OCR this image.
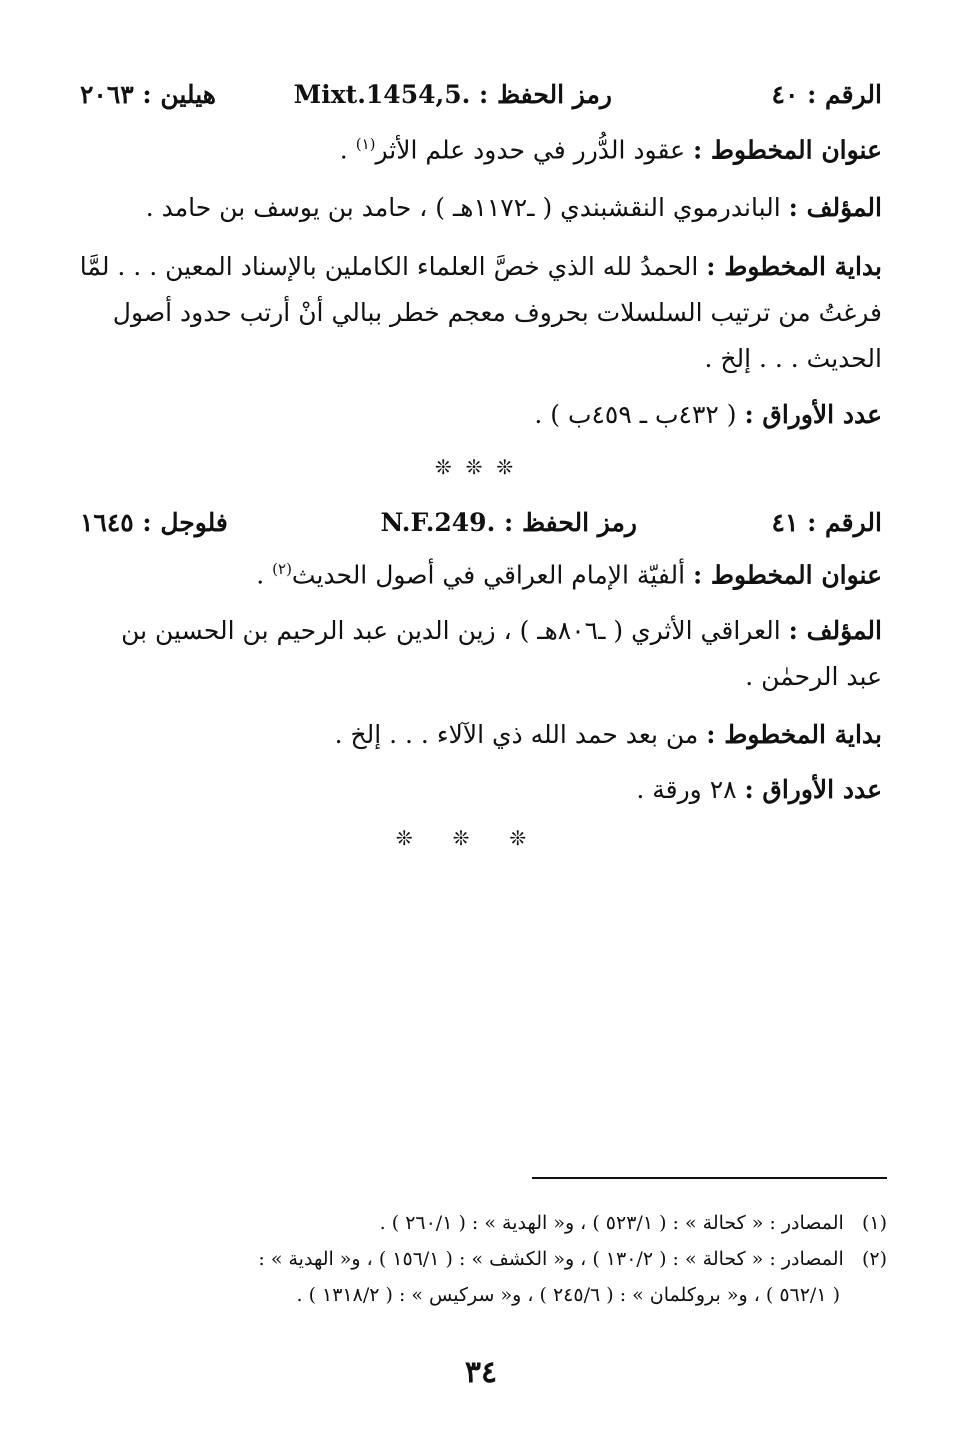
الرقم : ٤٠
رمز الحفظ : Mixt.1454,5.
هيلين : ٢٠٦٣
عنوان المخطوط : عقود الدُّرر في حدود علم الأثر$^{(١)}$ .
المؤلف : الباندرموي النقشبندي ( ـ١١٧٢هـ ) ، حامد بن يوسف بن حامد .
بداية المخطوط : الحمدُ لله الذي خصَّ العلماء الكاملين بالإسناد المعين . . . لمَّا
فرغتُ من ترتيب السلسلات بحروف معجم خطر ببالي أنْ أرتب حدود أصول
الحديث . . . إلخ .
عدد الأوراق : ( ٤٣٢ب ـ ٤٥٩ب ) .
❊❊❊
الرقم : ٤١
رمز الحفظ : N.F.249.
فلوجل : ١٦٤٥
عنوان المخطوط : ألفيّة الإمام العراقي في أصول الحديث$^{(٢)}$ .
المؤلف : العراقي الأثري ( ـ٨٠٦هـ ) ، زين الدين عبد الرحيم بن الحسين بن
عبد الرحمٰن .
بداية المخطوط : من بعد حمد الله ذي الآلاء . . . إلخ .
عدد الأوراق : ٢٨ ورقة .
❊❊❊
(١)   المصادر : « كحالة » : ( ٥٢٣/١ ) ، و« الهدية » : ( ٢٦٠/١ ) .
(٢)   المصادر : « كحالة » : ( ١٣٠/٢ ) ، و« الكشف » : ( ١٥٦/١ ) ، و« الهدية » :
( ٥٦٢/١ ) ، و« بروكلمان » : ( ٢٤٥/٦ ) ، و« سركيس » : ( ١٣١٨/٢ ) .
٣٤
